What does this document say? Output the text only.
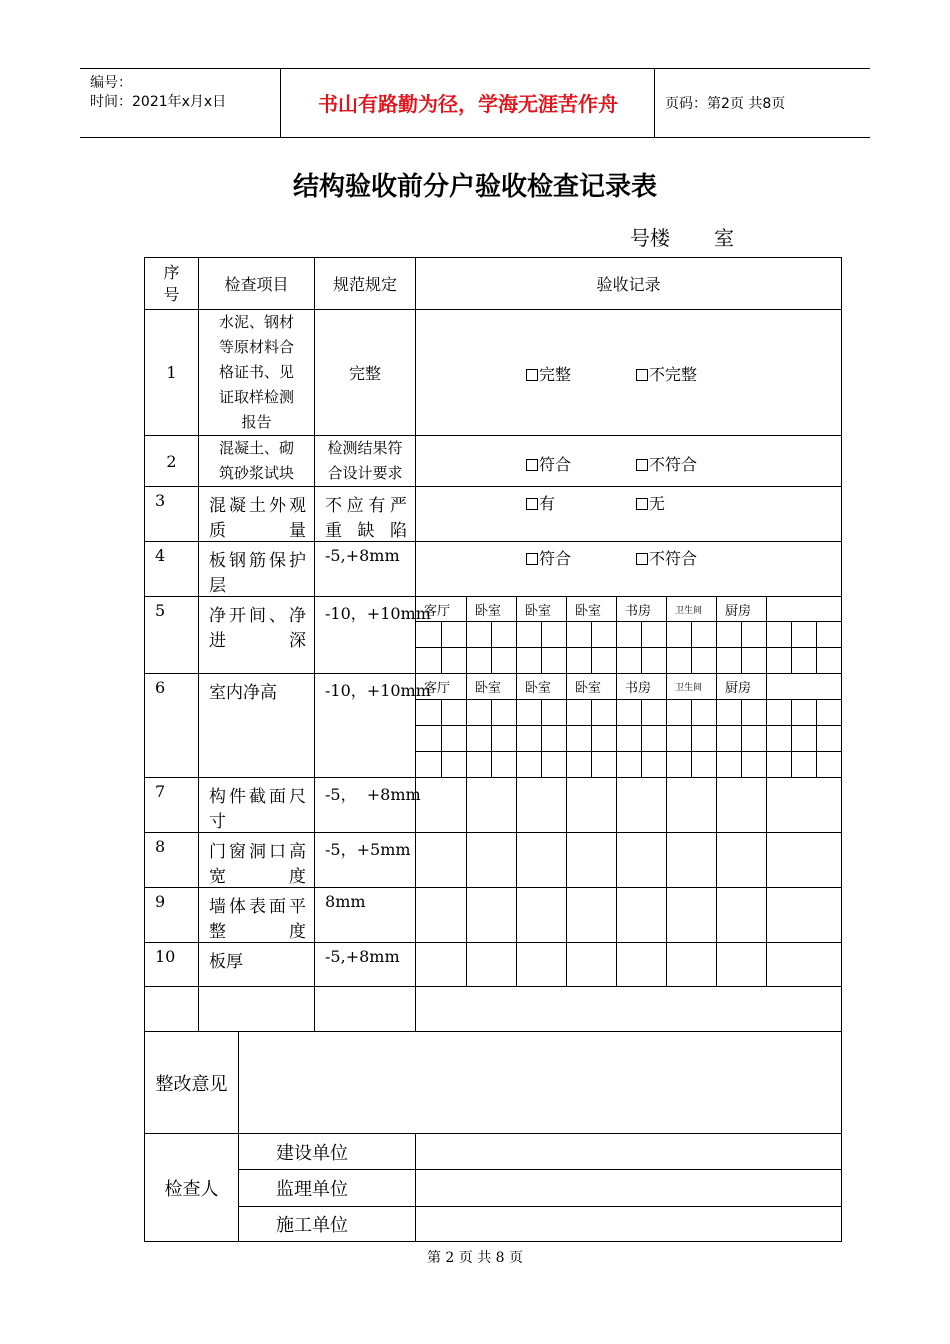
编号：
时间：2021年x月x日	书山有路勤为径，学海无涯苦作舟	页码：第2页 共8页
结构验收前分户验收检查记录表
号楼 室
序号	检查项目		规范规定	验收记录																
1	水泥、钢材等原材料合格证书、见证取样检测报告		完整	完整 不完整																

2	混凝土、砌筑砂浆试块		检测结果符合设计要求	符合 不符合																

3	混凝土外观质量		不应有严重缺陷	有 无																

4	板钢筋保护层		-5,+8mm	符合 不符合																

5	净开间、净进深		-10，+10mm	客厅		卧室		卧室		卧室		书房		卫生间		厨房				

6	室内净高		-10，+10mm	客厅		卧室		卧室		卧室		书房		卫生间		厨房				

7	构件截面尺寸		-5，  +8mm																	
8	门窗洞口高宽度		-5，+5mm																	
9	墙体表面平整度		8mm																	
10	板厚		-5,+8mm																	

整改意见																				
检查人		建设单位																		
		监理单位																		
		施工单位																		
第 2 页 共 8 页
